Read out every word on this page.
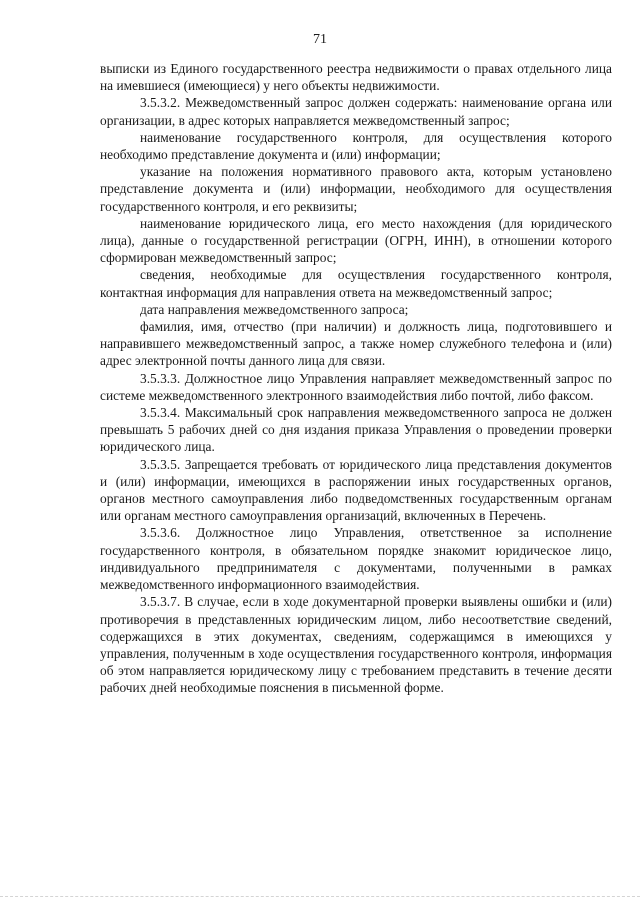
71

выписки из Единого государственного реестра недвижимости о правах отдельного лица на имевшиеся (имеющиеся) у него объекты недвижимости.

3.5.3.2. Межведомственный запрос должен содержать: наименование органа или организации, в адрес которых направляется межведомственный запрос;

наименование государственного контроля, для осуществления которого необходимо представление документа и (или) информации;

указание на положения нормативного правового акта, которым установлено представление документа и (или) информации, необходимого для осуществления государственного контроля, и его реквизиты;

наименование юридического лица, его место нахождения (для юридического лица), данные о государственной регистрации (ОГРН, ИНН), в отношении которого сформирован межведомственный запрос;

сведения, необходимые для осуществления государственного контроля, контактная информация для направления ответа на межведомственный запрос;

дата направления межведомственного запроса;

фамилия, имя, отчество (при наличии) и должность лица, подготовившего и направившего межведомственный запрос, а также номер служебного телефона и (или) адрес электронной почты данного лица для связи.

3.5.3.3. Должностное лицо Управления направляет межведомственный запрос по системе межведомственного электронного взаимодействия либо почтой, либо факсом.

3.5.3.4. Максимальный срок направления межведомственного запроса не должен превышать 5 рабочих дней со дня издания приказа Управления о проведении проверки юридического лица.

3.5.3.5. Запрещается требовать от юридического лица представления документов и (или) информации, имеющихся в распоряжении иных государственных органов, органов местного самоуправления либо подведомственных государственным органам или органам местного самоуправления организаций, включенных в Перечень.

3.5.3.6. Должностное лицо Управления, ответственное за исполнение государственного контроля, в обязательном порядке знакомит юридическое лицо, индивидуального предпринимателя с документами, полученными в рамках межведомственного информационного взаимодействия.

3.5.3.7. В случае, если в ходе документарной проверки выявлены ошибки и (или) противоречия в представленных юридическим лицом, либо несоответствие сведений, содержащихся в этих документах, сведениям, содержащимся в имеющихся у управления, полученным в ходе осуществления государственного контроля, информация об этом направляется юридическому лицу с требованием представить в течение десяти рабочих дней необходимые пояснения в письменной форме.
